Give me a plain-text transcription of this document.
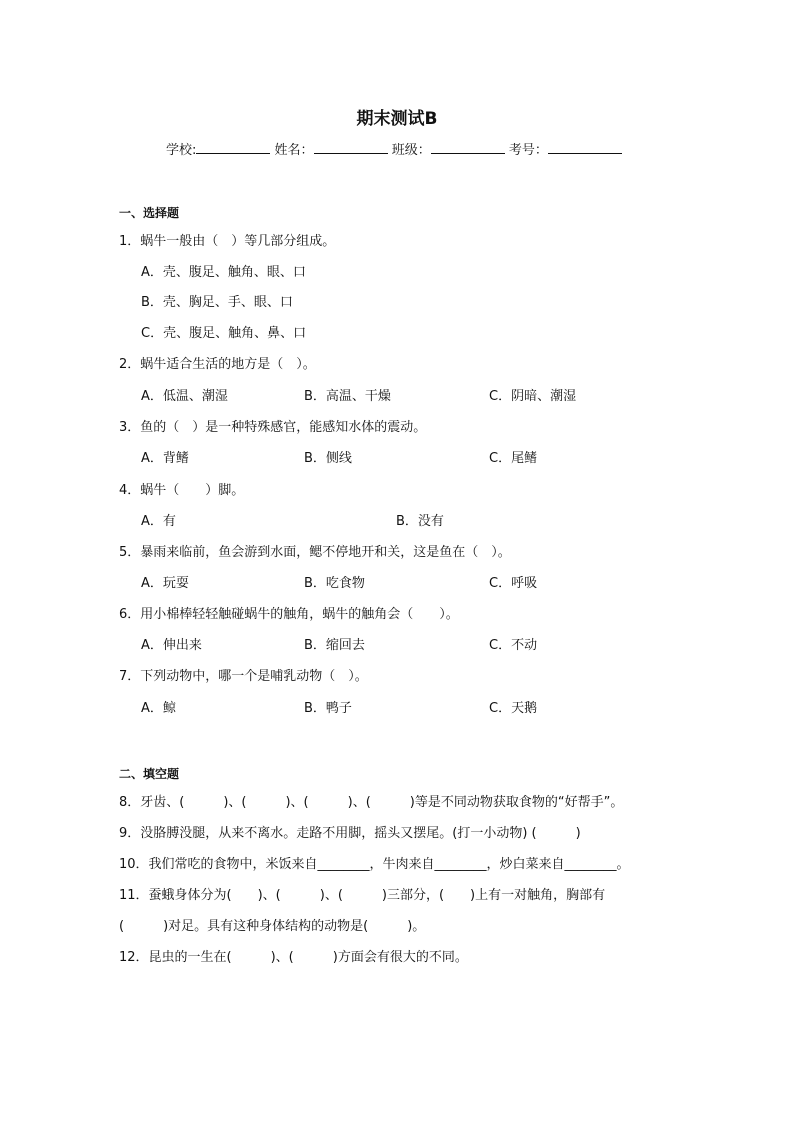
期末测试B
学校:	姓名：	班级：	考号：
一、选择题
1．蜗牛一般由（　）等几部分组成。
A．壳、腹足、触角、眼、口
B．壳、胸足、手、眼、口
C．壳、腹足、触角、鼻、口
2．蜗牛适合生活的地方是（　）。
A．低温、潮湿	B．高温、干燥	C．阴暗、潮湿
3．鱼的（　）是一种特殊感官，能感知水体的震动。
A．背鳍	B．侧线	C．尾鳍
4．蜗牛（　　）脚。
A．有	B．没有
5．暴雨来临前，鱼会游到水面，鳃不停地开和关，这是鱼在（　）。
A．玩耍	B．吃食物	C．呼吸
6．用小棉棒轻轻触碰蜗牛的触角，蜗牛的触角会（　　）。
A．伸出来	B．缩回去	C．不动
7．下列动物中，哪一个是哺乳动物（　）。
A．鲸	B．鸭子	C．天鹅
二、填空题
8．牙齿、(　　　)、(　　　)、(　　　)、(　　　)等是不同动物获取食物的“好帮手”。
9．没胳膊没腿，从来不离水。走路不用脚，摇头又摆尾。(打一小动物) (　　　)
10．我们常吃的食物中，米饭来自________，牛肉来自________，炒白菜来自________。
11．蚕蛾身体分为(　　)、(　　　)、(　　　)三部分，(　　)上有一对触角，胸部有
(　　　)对足。具有这种身体结构的动物是(　　　)。
12．昆虫的一生在(　　　)、(　　　)方面会有很大的不同。
